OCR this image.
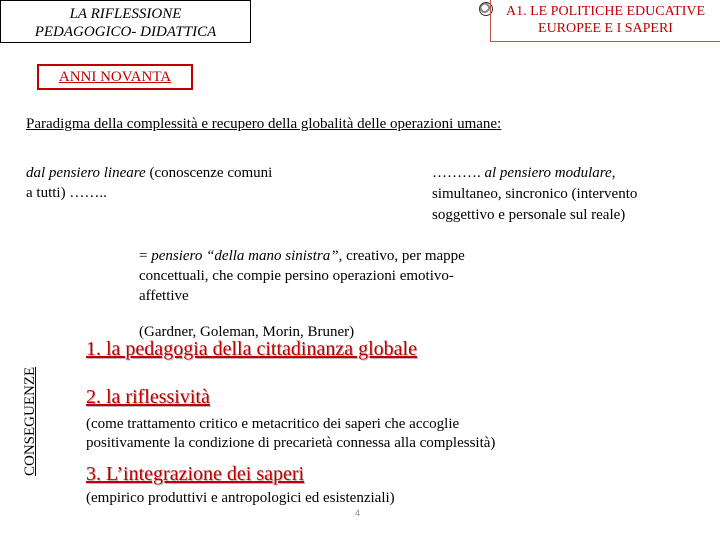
LA RIFLESSIONE
PEDAGOGICO- DIDATTICA
A1. LE POLITICHE EDUCATIVE
EUROPEE E I SAPERI
ANNI NOVANTA
Paradigma della complessità e recupero della globalità delle operazioni umane:
dal pensiero lineare (conoscenze comuni
a tutti) ……..
………. al pensiero modulare,
simultaneo, sincronico (intervento
soggettivo e personale sul reale)
= pensiero “della mano sinistra”, creativo, per mappe
concettuali, che compie persino operazioni emotivo-
affettive
(Gardner, Goleman, Morin, Bruner)
CONSEGUENZE
1. la pedagogia della cittadinanza globale
2. la riflessività
(come trattamento critico e metacritico dei saperi che accoglie
positivamente la condizione di precarietà connessa alla complessità)
3. L’integrazione dei saperi
(empirico produttivi e antropologici ed esistenziali)
4
